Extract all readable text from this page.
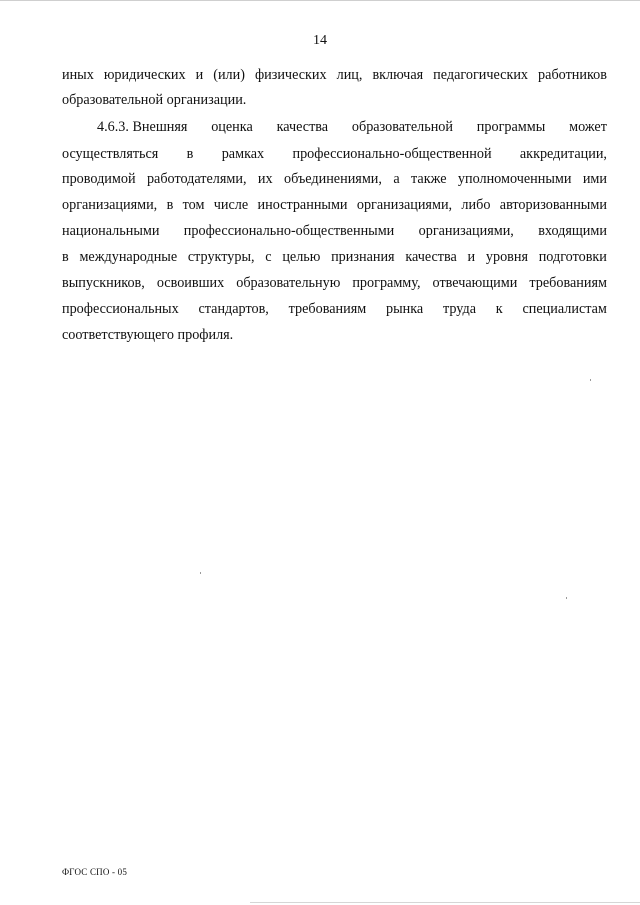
14
иных юридических и (или) физических лиц, включая педагогических работников
образовательной организации.
4.6.3. Внешняя оценка качества образовательной программы может
осуществляться в рамках профессионально-общественной аккредитации,
проводимой работодателями, их объединениями, а также уполномоченными ими
организациями, в том числе иностранными организациями, либо авторизованными
национальными профессионально-общественными организациями, входящими
в международные структуры, с целью признания качества и уровня подготовки
выпускников, освоивших образовательную программу, отвечающими требованиям
профессиональных стандартов, требованиям рынка труда к специалистам
соответствующего профиля.
ФГОС СПО - 05
